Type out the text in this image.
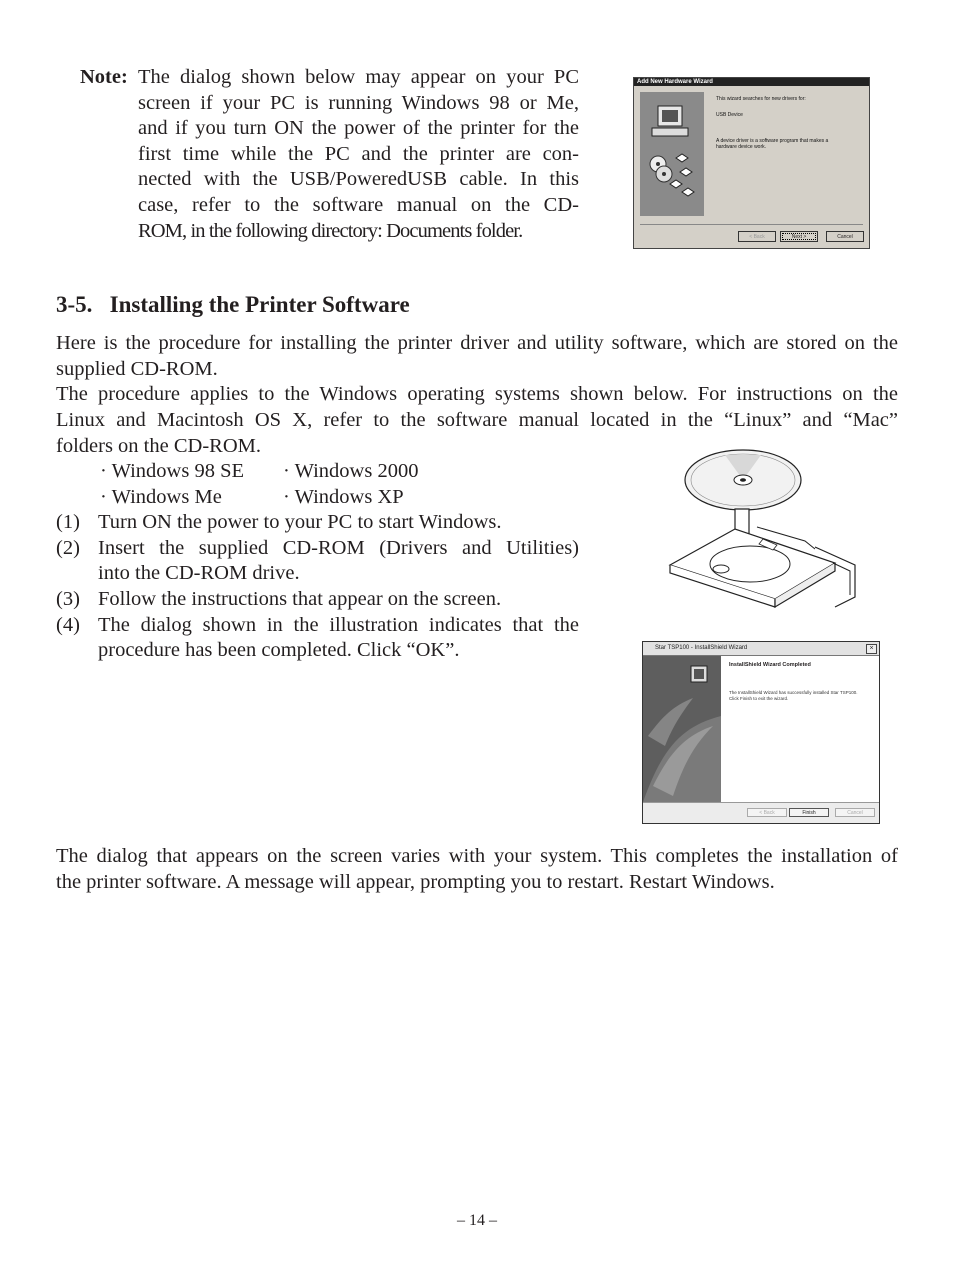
Note: The dialog shown below may appear on your PC
screen if your PC is running Windows 98 or Me,
and if you turn ON the power of the printer for the
first time while the PC and the printer are con-
nected with the USB/PoweredUSB cable. In this
case, refer to the software manual on the CD-
ROM, in the following directory: Documents folder.
Add New Hardware Wizard
This wizard searches for new drivers for:
USB Device
A device driver is a software program that makes a
hardware device work.
< Back	Next >	Cancel
3-5.   Installing the Printer Software
Here is the procedure for installing the printer driver and utility software, which are stored on the
supplied CD-ROM.
The procedure applies to the Windows operating systems shown below. For instructions on the
Linux and Macintosh OS X, refer to the software manual located in the “Linux” and “Mac”
folders on the CD-ROM.
· Windows 98 SE · Windows 2000
· Windows Me	· Windows XP
(1) Turn ON the power to your PC to start Windows.
(2) Insert the supplied CD-ROM (Drivers and Utilities)
into the CD-ROM drive.
(3) Follow the instructions that appear on the screen.
(4) The dialog shown in the illustration indicates that the
procedure has been completed. Click “OK”.	Star TSP100 - InstallShield Wizard	×
InstallShield Wizard Completed
The InstallShield Wizard has successfully installed Star TSP100.
Click Finish to exit the wizard.
< Back	Finish	Cancel
The dialog that appears on the screen varies with your system. This completes the installation of
the printer software. A message will appear, prompting you to restart. Restart Windows.
– 14 –
